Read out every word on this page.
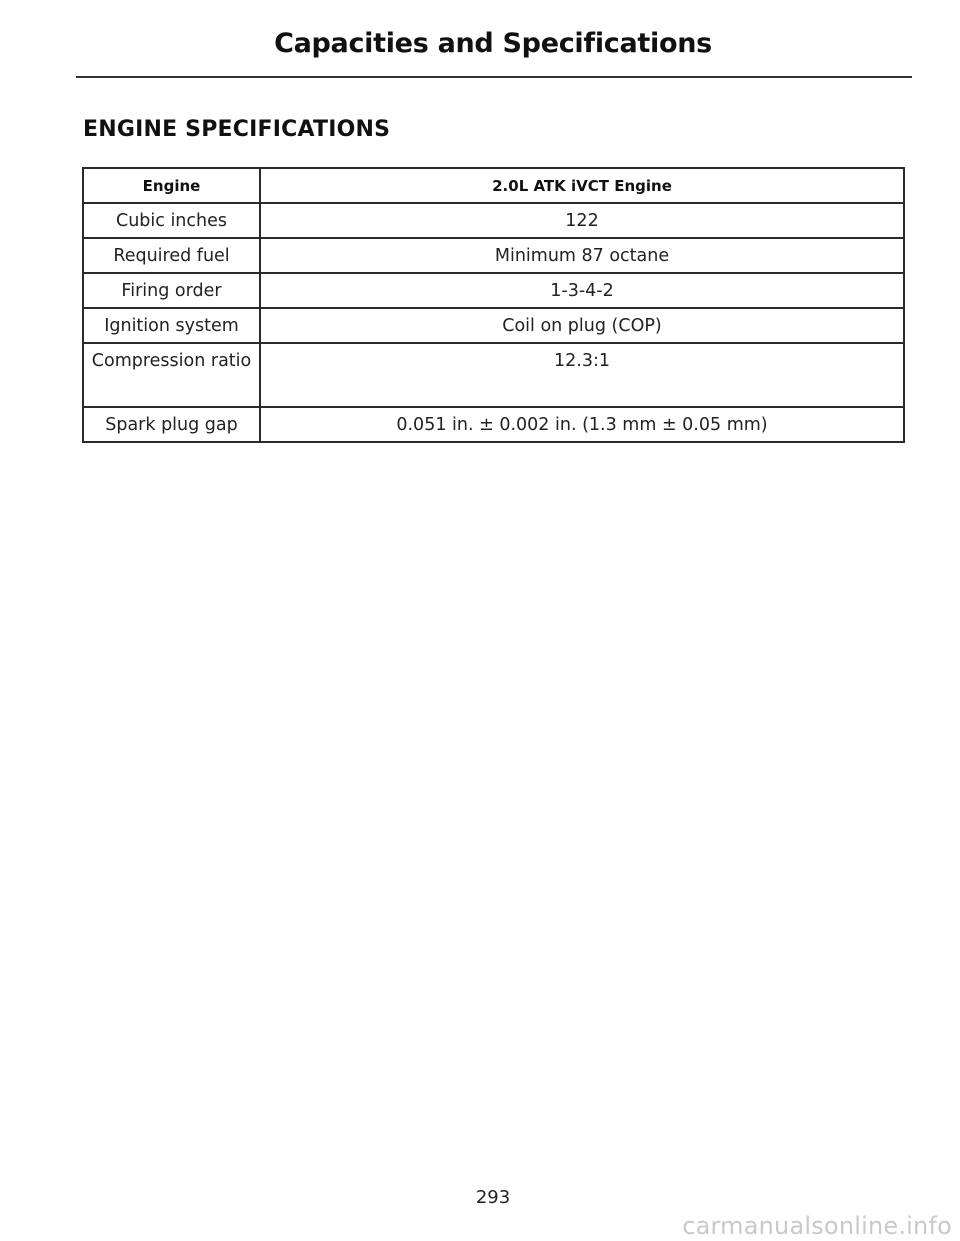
Capacities and Specifications
ENGINE SPECIFICATIONS
Engine	2.0L ATK iVCT Engine
Cubic inches	122
Required fuel	Minimum 87 octane
Firing order	1-3-4-2
Ignition system	Coil on plug (COP)
Compression ratio	12.3:1
Spark plug gap	0.051 in. ± 0.002 in. (1.3 mm ± 0.05 mm)
293
carmanualsonline.info
